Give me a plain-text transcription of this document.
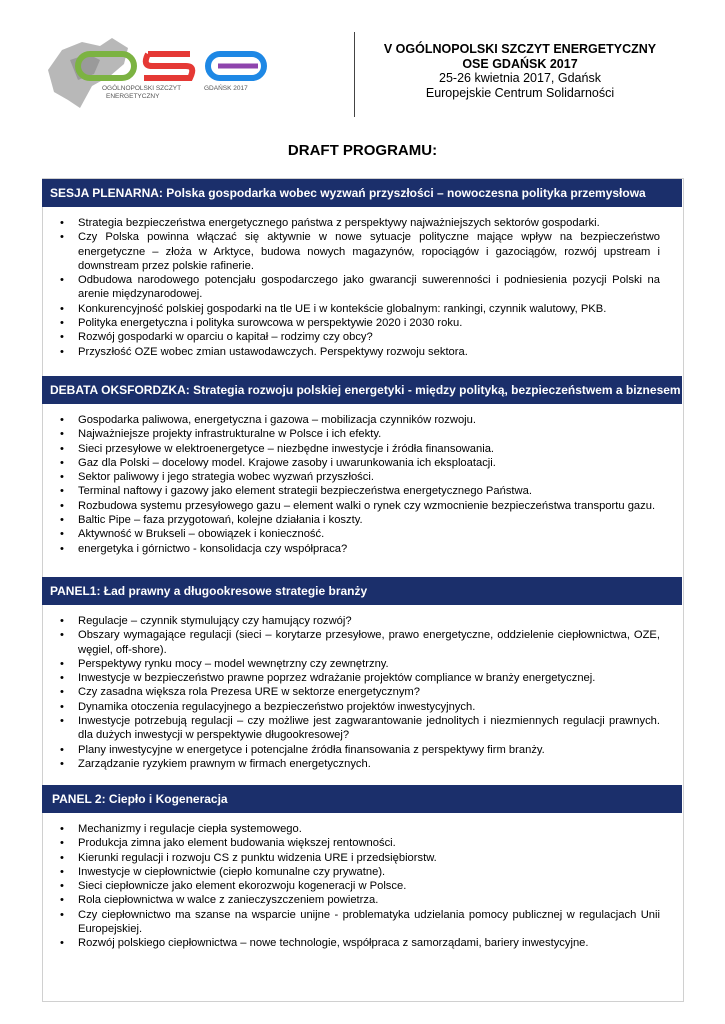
OGÓLNOPOLSKI SZCZYT
ENERGETYCZNY
GDAŃSK 2017
V OGÓLNOPOLSKI SZCZYT ENERGETYCZNY
OSE GDAŃSK 2017
25-26 kwietnia 2017, Gdańsk
Europejskie Centrum Solidarności
DRAFT PROGRAMU:
SESJA PLENARNA: Polska gospodarka wobec wyzwań przyszłości – nowoczesna polityka przemysłowa
• Strategia bezpieczeństwa energetycznego państwa z perspektywy najważniejszych sektorów gospodarki.
• Czy Polska powinna włączać się aktywnie w nowe sytuacje polityczne mające wpływ na bezpieczeństwo energetyczne – złoża w Arktyce, budowa nowych magazynów, ropociągów i gazociągów, rozwój upstream i downstream przez polskie rafinerie.
• Odbudowa narodowego potencjału gospodarczego jako gwarancji suwerenności i podniesienia pozycji Polski na arenie międzynarodowej.
• Konkurencyjność polskiej gospodarki na tle UE i w kontekście globalnym: rankingi, czynnik walutowy, PKB.
• Polityka energetyczna i polityka surowcowa w perspektywie 2020 i 2030 roku.
• Rozwój gospodarki w oparciu o kapitał – rodzimy czy obcy?
• Przyszłość OZE wobec zmian ustawodawczych. Perspektywy rozwoju sektora.
DEBATA OKSFORDZKA: Strategia rozwoju polskiej energetyki - między polityką, bezpieczeństwem a biznesem
• Gospodarka paliwowa, energetyczna i gazowa – mobilizacja czynników rozwoju.
• Najważniejsze projekty infrastrukturalne w Polsce i ich efekty.
• Sieci przesyłowe w elektroenergetyce – niezbędne inwestycje i źródła finansowania.
• Gaz dla Polski – docelowy model. Krajowe zasoby i uwarunkowania ich eksploatacji.
• Sektor paliwowy i jego strategia wobec wyzwań przyszłości.
• Terminal naftowy i gazowy jako element strategii bezpieczeństwa energetycznego Państwa.
• Rozbudowa systemu przesyłowego gazu – element walki o rynek czy wzmocnienie bezpieczeństwa transportu gazu.
• Baltic Pipe – faza przygotowań, kolejne działania i koszty.
• Aktywność w Brukseli – obowiązek i konieczność.
• energetyka i górnictwo - konsolidacja czy współpraca?
PANEL1: Ład prawny a długookresowe strategie branży
• Regulacje – czynnik stymulujący czy hamujący rozwój?
• Obszary wymagające regulacji (sieci – korytarze przesyłowe, prawo energetyczne, oddzielenie ciepłownictwa, OZE, węgiel, off-shore).
• Perspektywy rynku mocy – model wewnętrzny czy zewnętrzny.
• Inwestycje w bezpieczeństwo prawne poprzez wdrażanie projektów compliance w branży energetycznej.
• Czy zasadna większa rola Prezesa URE w sektorze energetycznym?
• Dynamika otoczenia regulacyjnego a bezpieczeństwo projektów inwestycyjnych.
• Inwestycje potrzebują regulacji – czy możliwe jest zagwarantowanie jednolitych i niezmiennych regulacji prawnych. dla dużych inwestycji w perspektywie długookresowej?
• Plany inwestycyjne w energetyce i potencjalne źródła finansowania z perspektywy firm branży.
• Zarządzanie ryzykiem prawnym w firmach energetycznych.
PANEL 2: Ciepło i Kogeneracja
• Mechanizmy i regulacje ciepła systemowego.
• Produkcja zimna jako element budowania większej rentowności.
• Kierunki regulacji i rozwoju CS z punktu widzenia URE i przedsiębiorstw.
• Inwestycje w ciepłownictwie (ciepło komunalne czy prywatne).
• Sieci ciepłownicze jako element ekorozwoju kogeneracji w Polsce.
• Rola ciepłownictwa w walce z zanieczyszczeniem powietrza.
• Czy ciepłownictwo ma szanse na wsparcie unijne - problematyka udzielania pomocy publicznej w regulacjach Unii Europejskiej.
• Rozwój polskiego ciepłownictwa – nowe technologie, współpraca z samorządami, bariery inwestycyjne.
